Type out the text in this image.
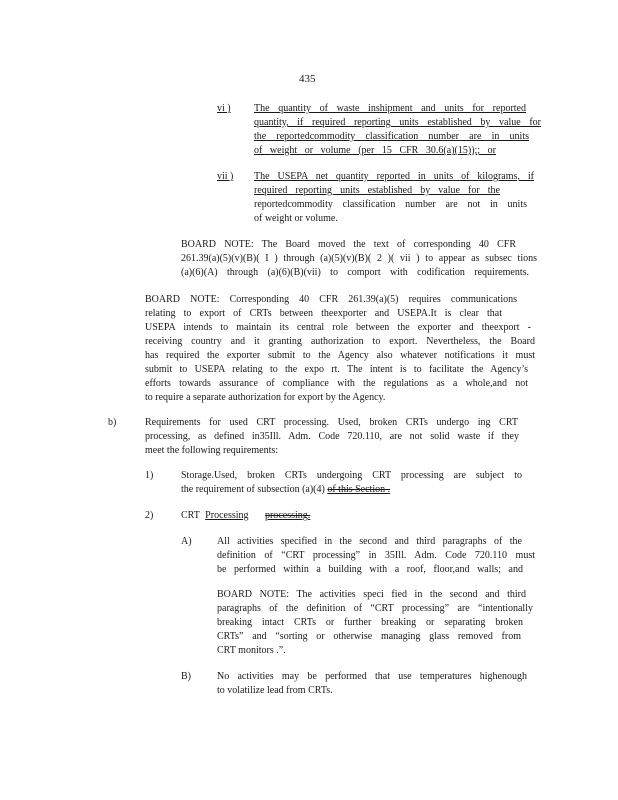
435
vi ) The quantity of waste inshipment and units for reported
quantity, if required reporting units established by value for
the reportedcommodity classification number are in units
of weight or volume (per 15 CFR 30.6(a)(15));; or
vii ) The USEPA net quantity reported in units of kilograms, if
required reporting units established by value for the
reportedcommodity classification number are not in units
of weight or volume.
BOARD NOTE: The Board moved the text of corresponding 40 CFR
261.39(a)(5)(v)(B)( I ) through (a)(5)(v)(B)( 2 )( vii ) to appear as subsec tions
(a)(6)(A) through (a)(6)(B)(vii) to comport with codification requirements.
BOARD NOTE: Corresponding 40 CFR 261.39(a)(5) requires communications
relating to export of CRTs between theexporter and USEPA.It is clear that
USEPA intends to maintain its central role between the exporter and theexport -
receiving country and it granting authorization to export. Nevertheless, the Board
has required the exporter submit to the Agency also whatever notifications it must
submit to USEPA relating to the expo rt. The intent is to facilitate the Agency’s
efforts towards assurance of compliance with the regulations as a whole,and not
to require a separate authorization for export by the Agency.
b)	Requirements for used CRT processing. Used, broken CRTs undergo ing CRT
processing, as defined in35Ill. Adm. Code 720.110, are not solid waste if they
meet the following requirements:
1)	Storage.Used, broken CRTs undergoing CRT processing are subject to
the requirement of subsection (a)(4) of this Section .
2)	CRT Processing processing.
A)	All activities specified in the second and third paragraphs of the
definition of “CRT processing” in 35Ill. Adm. Code 720.110 must
be performed within a building with a roof, floor,and walls; and
BOARD NOTE: The activities speci fied in the second and third
paragraphs of the definition of “CRT processing” are “intentionally
breaking intact CRTs or further breaking or separating broken
CRTs” and “sorting or otherwise managing glass removed from
CRT monitors .”.
B)	No activities may be performed that use temperatures highenough
to volatilize lead from CRTs.
